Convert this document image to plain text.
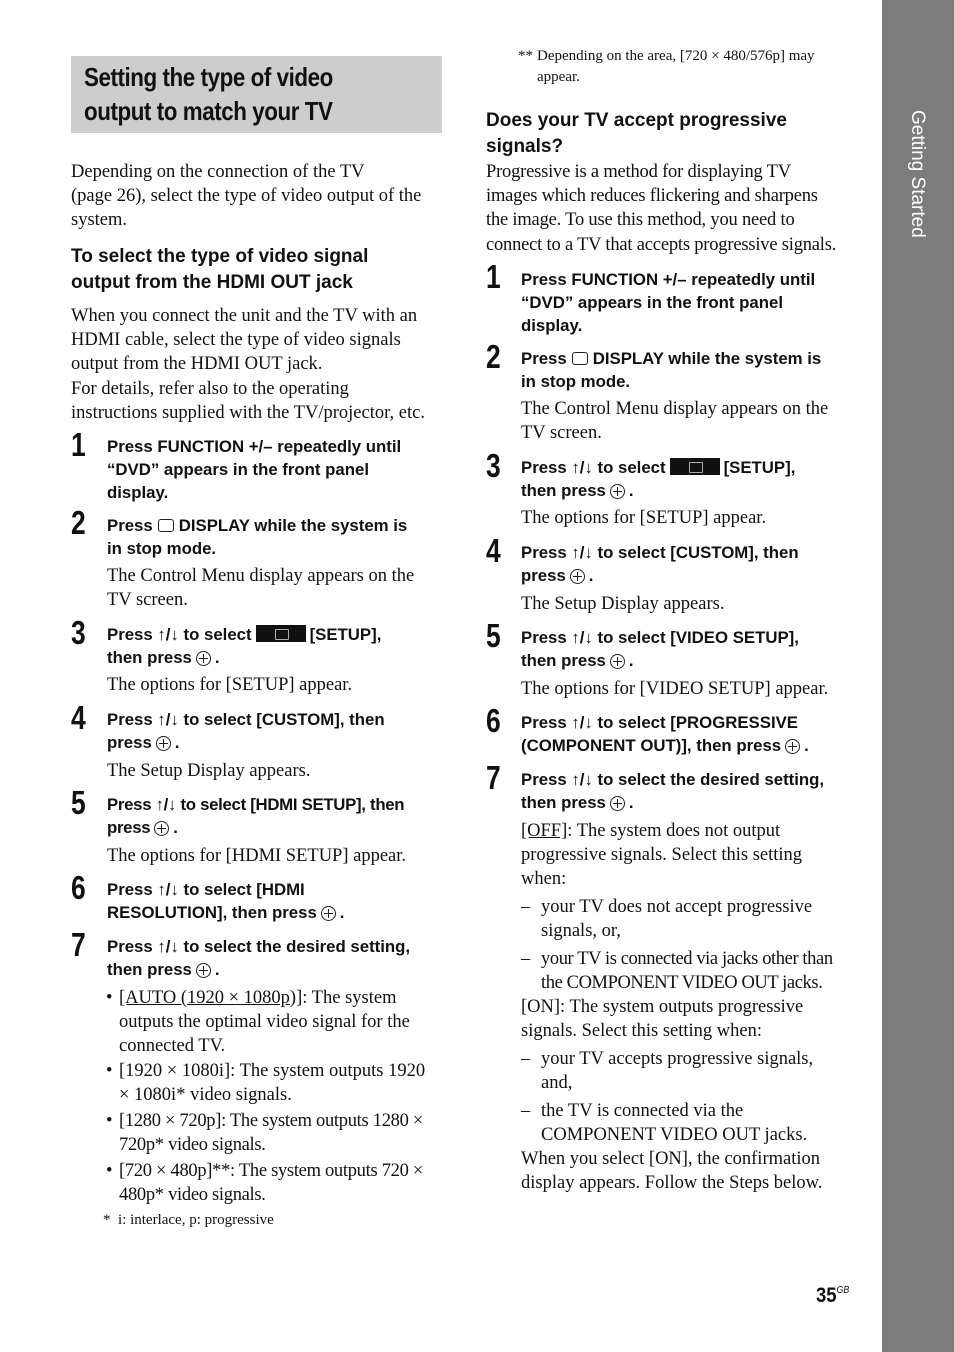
Getting Started
Setting the type of video
output to match your TV
Depending on the connection of the TV
(page 26), select the type of video output of the
system.
To select the type of video signal
output from the HDMI OUT jack
When you connect the unit and the TV with an
HDMI cable, select the type of video signals
output from the HDMI OUT jack.
For details, refer also to the operating
instructions supplied with the TV/projector, etc.
1 Press FUNCTION +/– repeatedly until
“DVD” appears in the front panel
display.
2 Press DISPLAY while the system is
in stop mode.
The Control Menu display appears on the
TV screen.
3 Press ↑/↓ to select	[SETUP],
then press .
The options for [SETUP] appear.
4 Press ↑/↓ to select [CUSTOM], then
press .
The Setup Display appears.
5 Press ↑/↓ to select [HDMI SETUP], then
press .
The options for [HDMI SETUP] appear.
6 Press ↑/↓ to select [HDMI
RESOLUTION], then press .
7 Press ↑/↓ to select the desired setting,
then press .
• [AUTO (1920 × 1080p)]: The system
outputs the optimal video signal for the
connected TV.
• [1920 × 1080i]: The system outputs 1920
× 1080i* video signals.
• [1280 × 720p]: The system outputs 1280 ×
720p* video signals.
• [720 × 480p]**: The system outputs 720 ×
480p* video signals.
* i: interlace, p: progressive
** Depending on the area, [720 × 480/576p] may
appear.
Does your TV accept progressive
signals?
Progressive is a method for displaying TV
images which reduces flickering and sharpens
the image. To use this method, you need to
connect to a TV that accepts progressive signals.
1 Press FUNCTION +/– repeatedly until
“DVD” appears in the front panel
display.
2 Press DISPLAY while the system is
in stop mode.
The Control Menu display appears on the
TV screen.
3 Press ↑/↓ to select	[SETUP],
then press .
The options for [SETUP] appear.
4 Press ↑/↓ to select [CUSTOM], then
press .
The Setup Display appears.
5 Press ↑/↓ to select [VIDEO SETUP],
then press .
The options for [VIDEO SETUP] appear.
6 Press ↑/↓ to select [PROGRESSIVE
(COMPONENT OUT)], then press .
7 Press ↑/↓ to select the desired setting,
then press .
[OFF]: The system does not output
progressive signals. Select this setting
when:
– your TV does not accept progressive
signals, or,
– your TV is connected via jacks other than
the COMPONENT VIDEO OUT jacks.
[ON]: The system outputs progressive
signals. Select this setting when:
– your TV accepts progressive signals,
and,
– the TV is connected via the
COMPONENT VIDEO OUT jacks.
When you select [ON], the confirmation
display appears. Follow the Steps below.
$35^{GB}$
